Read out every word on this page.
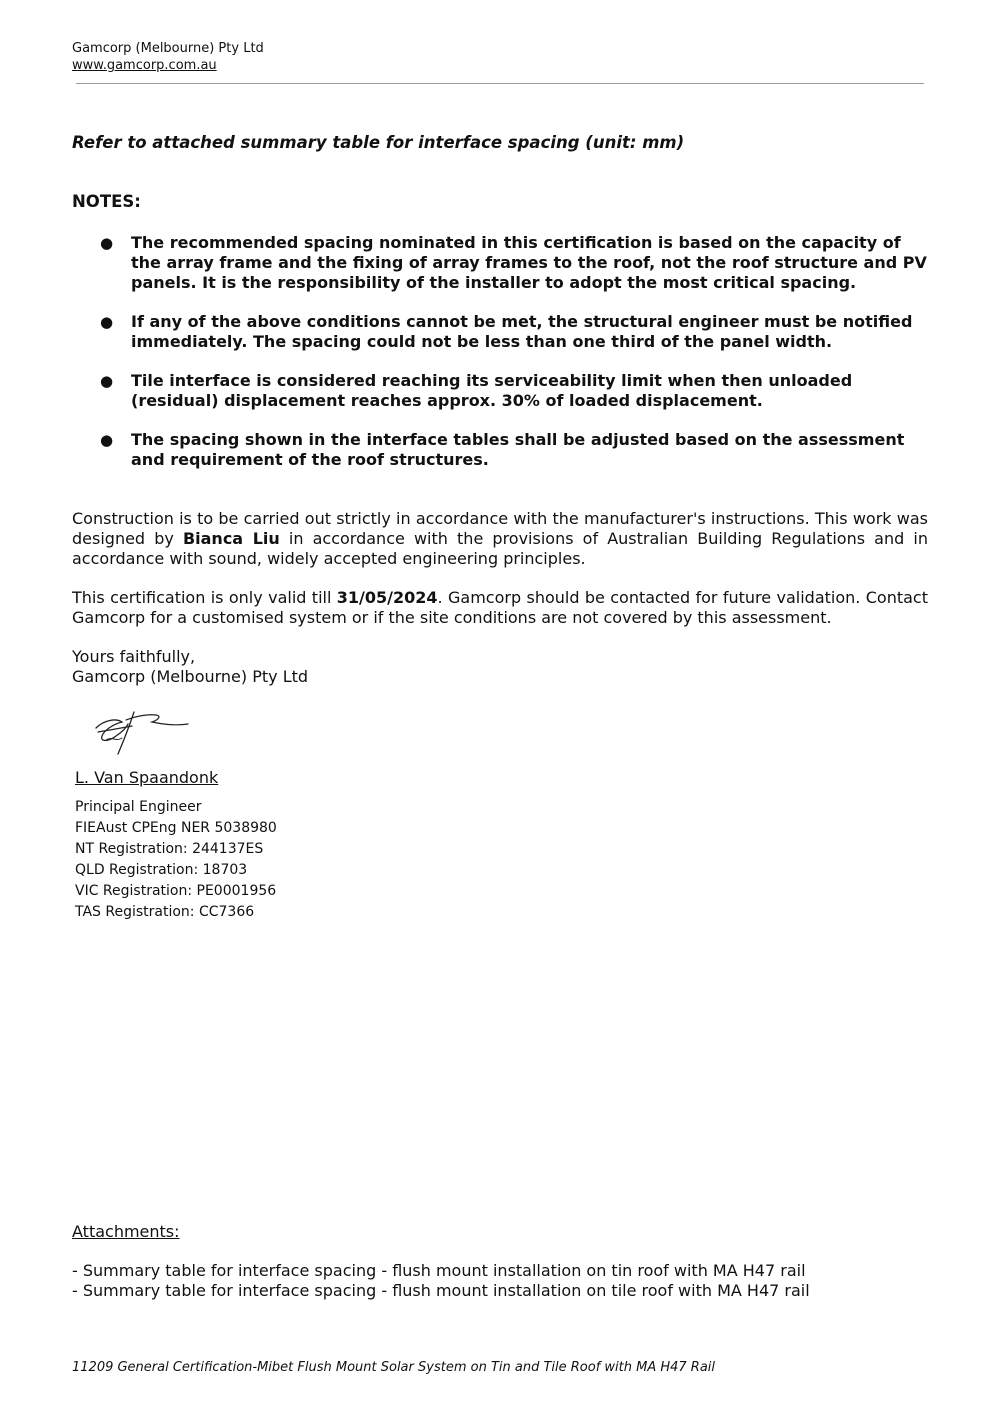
Gamcorp (Melbourne) Pty Ltd
www.gamcorp.com.au
Refer to attached summary table for interface spacing (unit: mm)
NOTES:
● The recommended spacing nominated in this certification is based on the capacity of the array frame and the fixing of array frames to the roof, not the roof structure and PV panels. It is the responsibility of the installer to adopt the most critical spacing.
● If any of the above conditions cannot be met, the structural engineer must be notified immediately. The spacing could not be less than one third of the panel width.
● Tile interface is considered reaching its serviceability limit when then unloaded (residual) displacement reaches approx. 30% of loaded displacement.
● The spacing shown in the interface tables shall be adjusted based on the assessment and requirement of the roof structures.
Construction is to be carried out strictly in accordance with the manufacturer's instructions. This work was designed by Bianca Liu in accordance with the provisions of Australian Building Regulations and in accordance with sound, widely accepted engineering principles.
This certification is only valid till 31/05/2024. Gamcorp should be contacted for future validation. Contact Gamcorp for a customised system or if the site conditions are not covered by this assessment.
Yours faithfully,
Gamcorp (Melbourne) Pty Ltd
L. Van Spaandonk
Principal Engineer
FIEAust CPEng NER 5038980
NT Registration: 244137ES
QLD Registration: 18703
VIC Registration: PE0001956
TAS Registration: CC7366
Attachments:
- Summary table for interface spacing - flush mount installation on tin roof with MA H47 rail
- Summary table for interface spacing - flush mount installation on tile roof with MA H47 rail
11209 General Certification-Mibet Flush Mount Solar System on Tin and Tile Roof with MA H47 Rail
